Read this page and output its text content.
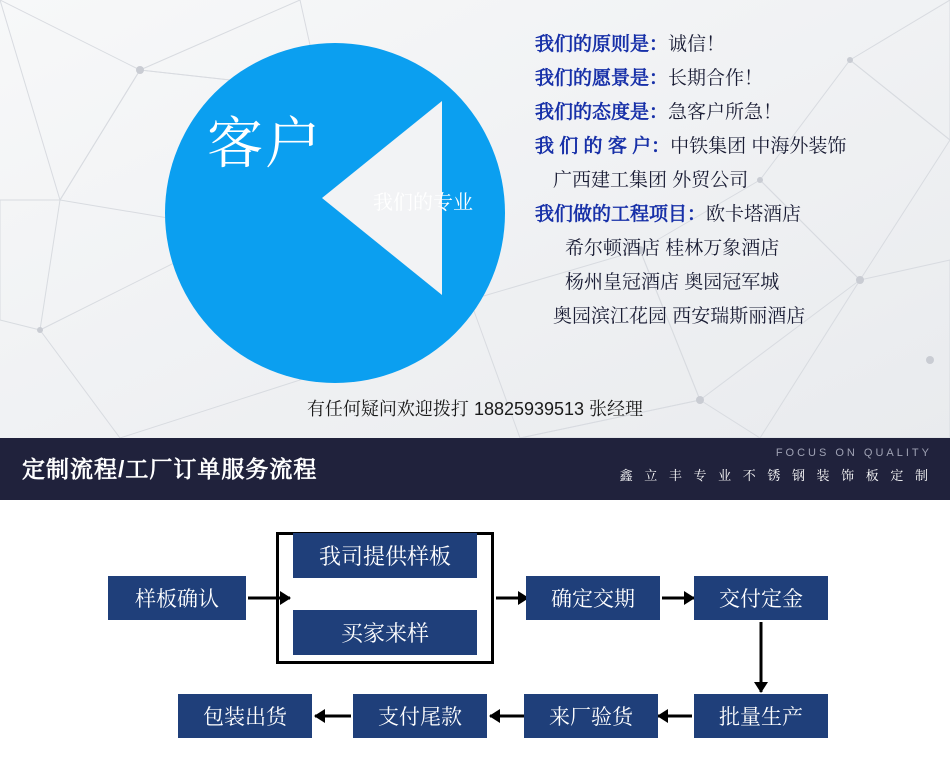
客户
我们的专业
我们的原则是：诚信！
我们的愿景是：长期合作！
我们的态度是：急客户所急！
我 们 的 客 户：中铁集团 中海外装饰
广西建工集团 外贸公司
我们做的工程项目：欧卡塔酒店
希尔顿酒店 桂林万象酒店
杨州皇冠酒店 奥园冠军城
奥园滨江花园 西安瑞斯丽酒店
有任何疑问欢迎拨打 18825939513 张经理
定制流程/工厂订单服务流程
FOCUS ON QUALITY
鑫 立 丰 专 业 不 锈 钢 装 饰 板 定 制
样板确认
我司提供样板
买家来样
确定交期	交付定金
批量生产
来厂验货
支付尾款
包装出货
